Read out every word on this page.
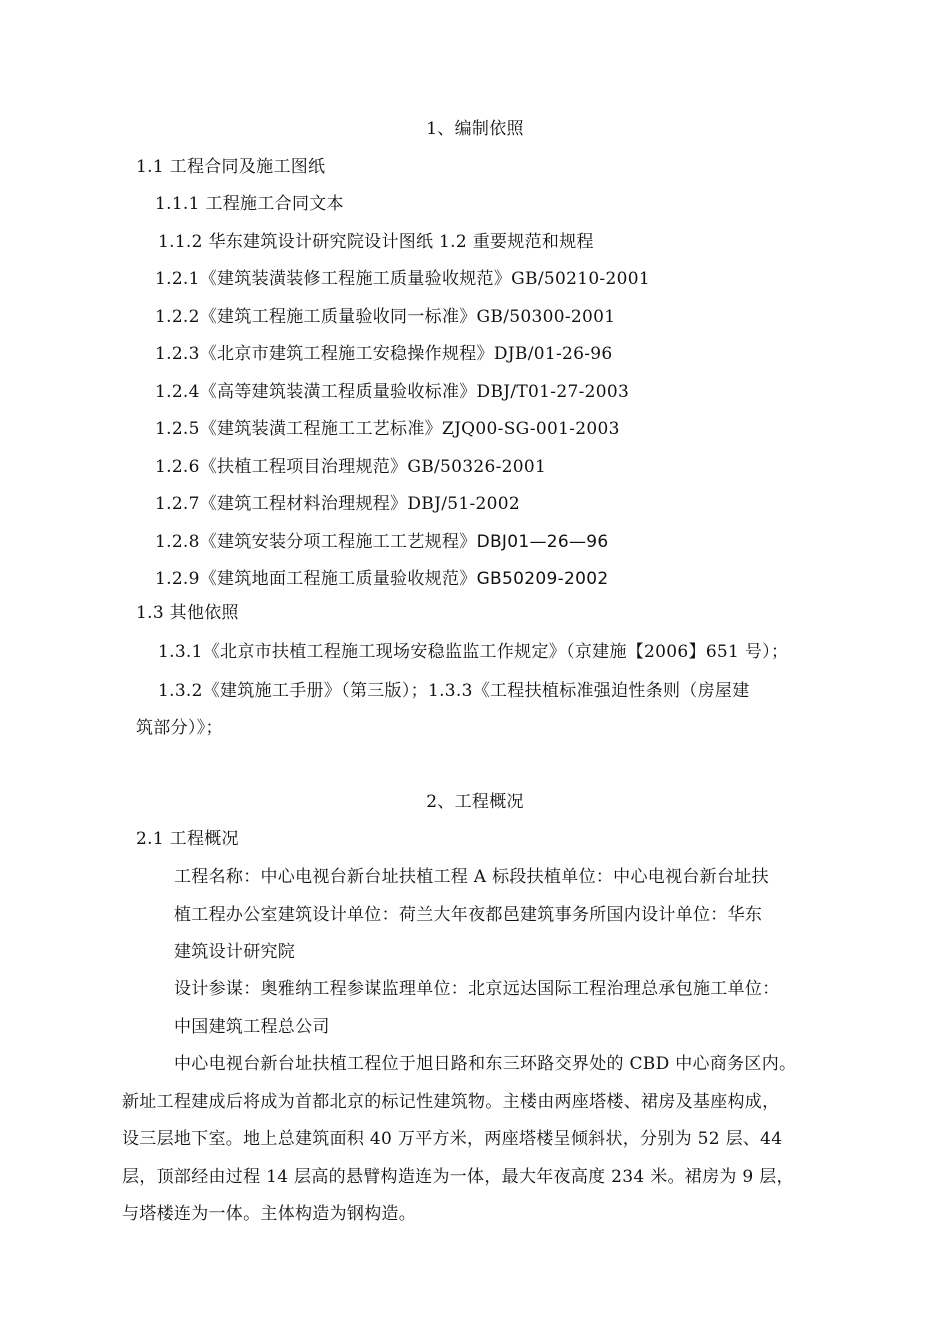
1、编制依照
1.1 工程合同及施工图纸
1.1.1 工程施工合同文本
1.1.2 华东建筑设计研究院设计图纸 1.2 重要规范和规程
1.2.1《建筑装潢装修工程施工质量验收规范》GB/50210-2001
1.2.2《建筑工程施工质量验收同一标准》GB/50300-2001
1.2.3《北京市建筑工程施工安稳操作规程》DJB/01-26-96
1.2.4《高等建筑装潢工程质量验收标准》DBJ/T01-27-2003
1.2.5《建筑装潢工程施工工艺标准》ZJQ00-SG-001-2003
1.2.6《扶植工程项目治理规范》GB/50326-2001
1.2.7《建筑工程材料治理规程》DBJ/51-2002
1.2.8《建筑安装分项工程施工工艺规程》DBJ01—26—96
1.2.9《建筑地面工程施工质量验收规范》GB50209-2002
1.3 其他依照
1.3.1《北京市扶植工程施工现场安稳监监工作规定》（京建施【2006】651 号）；
1.3.2《建筑施工手册》（第三版）；1.3.3《工程扶植标准强迫性条则（房屋建
筑部分）》；
2、工程概况
2.1 工程概况
工程名称：中心电视台新台址扶植工程 A 标段扶植单位：中心电视台新台址扶
植工程办公室建筑设计单位：荷兰大年夜都邑建筑事务所国内设计单位：华东
建筑设计研究院
设计参谋：奥雅纳工程参谋监理单位：北京远达国际工程治理总承包施工单位：
中国建筑工程总公司
中心电视台新台址扶植工程位于旭日路和东三环路交界处的 CBD 中心商务区内。
新址工程建成后将成为首都北京的标记性建筑物。主楼由两座塔楼、裙房及基座构成，
设三层地下室。地上总建筑面积 40 万平方米，两座塔楼呈倾斜状，分别为 52 层、44
层，顶部经由过程 14 层高的悬臂构造连为一体，最大年夜高度 234 米。裙房为 9 层，
与塔楼连为一体。主体构造为钢构造。
